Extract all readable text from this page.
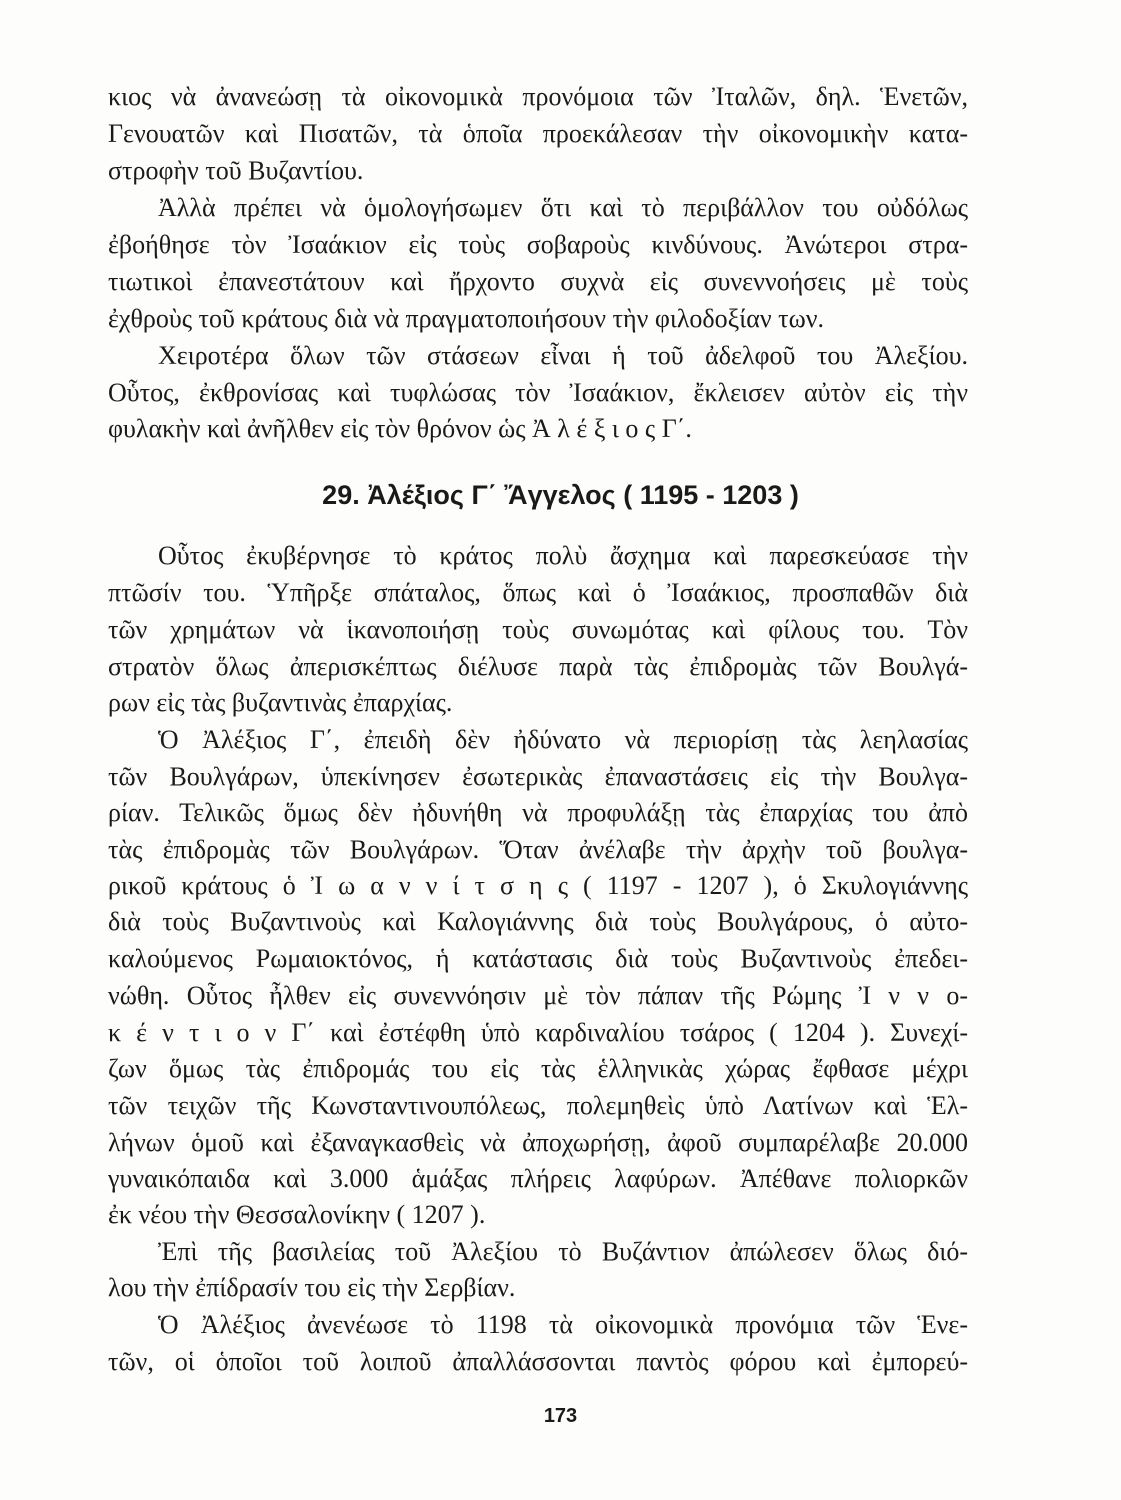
κιος νὰ ἀνανεώσῃ τὰ οἰκονομικὰ προνόμοια τῶν Ἰταλῶν, δηλ. Ἑνετῶν,
Γενουατῶν καὶ Πισατῶν, τὰ ὁποῖα προεκάλεσαν τὴν οἰκονομικὴν κατα-
στροφὴν τοῦ Βυζαντίου.
Ἀλλὰ πρέπει νὰ ὁμολογήσωμεν ὅτι καὶ τὸ περιβάλλον του οὐδόλως
ἐβοήθησε τὸν Ἰσαάκιον εἰς τοὺς σοβαροὺς κινδύνους. Ἀνώτεροι στρα-
τιωτικοὶ ἐπανεστάτουν καὶ ἤρχοντο συχνὰ εἰς συνεννοήσεις μὲ τοὺς
ἐχθροὺς τοῦ κράτους διὰ νὰ πραγματοποιήσουν τὴν φιλοδοξίαν των.
Χειροτέρα ὅλων τῶν στάσεων εἶναι ἡ τοῦ ἀδελφοῦ του Ἀλεξίου.
Οὗτος, ἐκθρονίσας καὶ τυφλώσας τὸν Ἰσαάκιον, ἔκλεισεν αὐτὸν εἰς τὴν
φυλακὴν καὶ ἀνῆλθεν εἰς τὸν θρόνον ὡς Ἀ λ έ ξ ι ο ς Γ΄.
29. Ἀλέξιος Γ΄ Ἄγγελος ( 1195 - 1203 )
Οὗτος ἐκυβέρνησε τὸ κράτος πολὺ ἄσχημα καὶ παρεσκεύασε τὴν
πτῶσίν του. Ὑπῆρξε σπάταλος, ὅπως καὶ ὁ Ἰσαάκιος, προσπαθῶν διὰ
τῶν χρημάτων νὰ ἱκανοποιήσῃ τοὺς συνωμότας καὶ φίλους του. Τὸν
στρατὸν ὅλως ἀπερισκέπτως διέλυσε παρὰ τὰς ἐπιδρομὰς τῶν Βουλγά-
ρων εἰς τὰς βυζαντινὰς ἐπαρχίας.
Ὁ Ἀλέξιος Γ΄, ἐπειδὴ δὲν ἠδύνατο νὰ περιορίσῃ τὰς λεηλασίας
τῶν Βουλγάρων, ὑπεκίνησεν ἐσωτερικὰς ἐπαναστάσεις εἰς τὴν Βουλγα-
ρίαν. Τελικῶς ὅμως δὲν ἠδυνήθη νὰ προφυλάξῃ τὰς ἐπαρχίας του ἀπὸ
τὰς ἐπιδρομὰς τῶν Βουλγάρων. Ὅταν ἀνέλαβε τὴν ἀρχὴν τοῦ βουλγα-
ρικοῦ κράτους ὁ Ἰ ω α ν ν ί τ σ η ς ( 1197 - 1207 ), ὁ Σκυλογιάννης
διὰ τοὺς Βυζαντινοὺς καὶ Καλογιάννης διὰ τοὺς Βουλγάρους, ὁ αὐτο-
καλούμενος Ρωμαιοκτόνος, ἡ κατάστασις διὰ τοὺς Βυζαντινοὺς ἐπεδει-
νώθη. Οὗτος ἦλθεν εἰς συνεννόησιν μὲ τὸν πάπαν τῆς Ρώμης Ἰ ν ν ο-
κ έ ν τ ι ο ν Γ΄ καὶ ἐστέφθη ὑπὸ καρδιναλίου τσάρος ( 1204 ). Συνεχί-
ζων ὅμως τὰς ἐπιδρομάς του εἰς τὰς ἑλληνικὰς χώρας ἔφθασε μέχρι
τῶν τειχῶν τῆς Κωνσταντινουπόλεως, πολεμηθεὶς ὑπὸ Λατίνων καὶ Ἑλ-
λήνων ὁμοῦ καὶ ἐξαναγκασθεὶς νὰ ἀποχωρήσῃ, ἀφοῦ συμπαρέλαβε 20.000
γυναικόπαιδα καὶ 3.000 ἁμάξας πλήρεις λαφύρων. Ἀπέθανε πολιορκῶν
ἐκ νέου τὴν Θεσσαλονίκην ( 1207 ).
Ἐπὶ τῆς βασιλείας τοῦ Ἀλεξίου τὸ Βυζάντιον ἀπώλεσεν ὅλως διό-
λου τὴν ἐπίδρασίν του εἰς τὴν Σερβίαν.
Ὁ Ἀλέξιος ἀνενέωσε τὸ 1198 τὰ οἰκονομικὰ προνόμια τῶν Ἑνε-
τῶν, οἱ ὁποῖοι τοῦ λοιποῦ ἀπαλλάσσονται παντὸς φόρου καὶ ἐμπορεύ-
173
